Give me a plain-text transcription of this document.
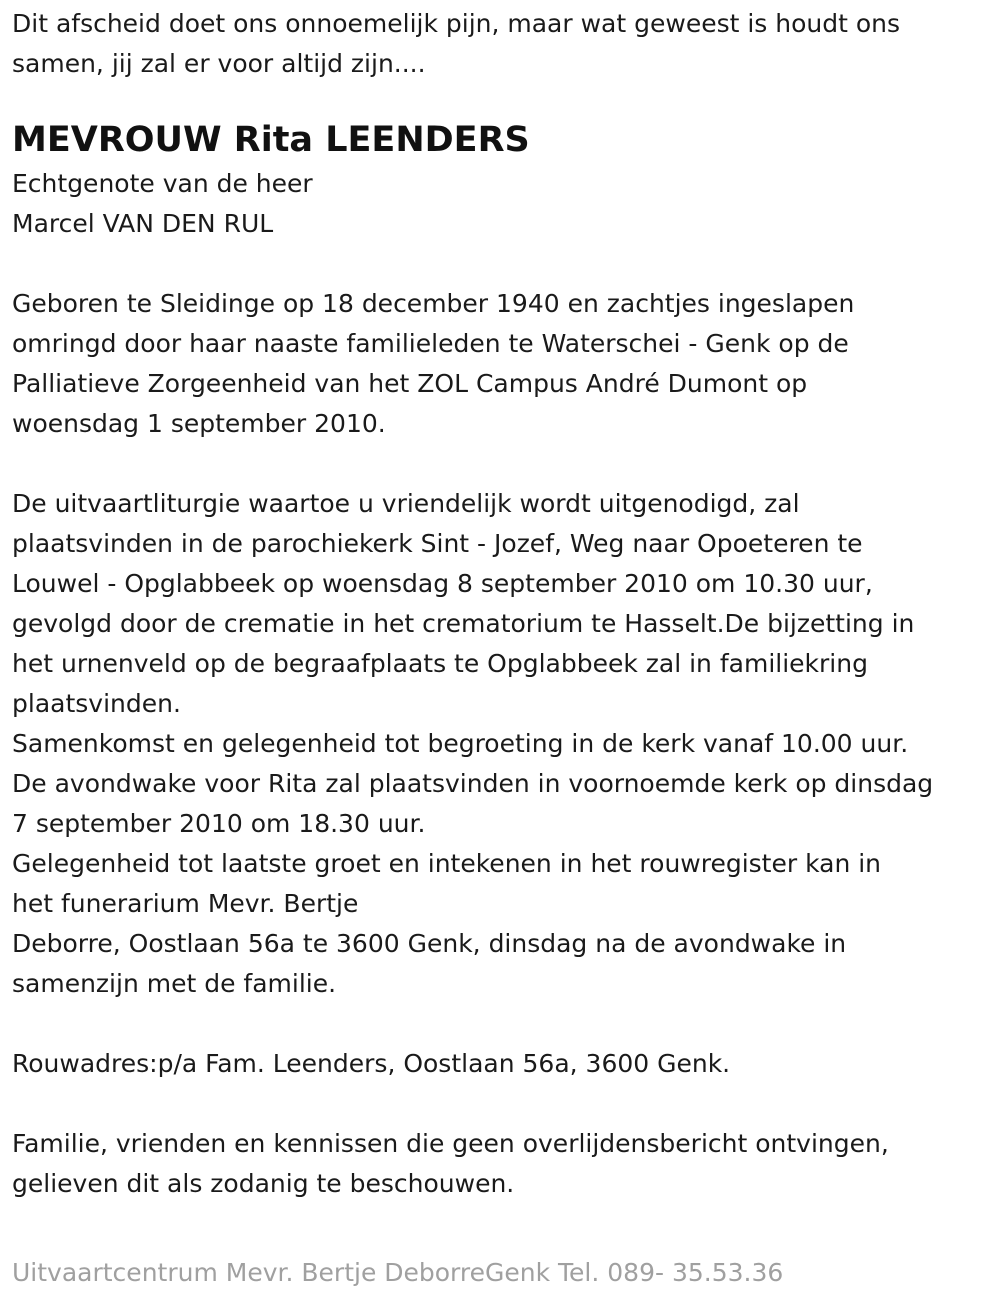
Dit afscheid doet ons onnoemelijk pijn, maar wat geweest is houdt ons

samen, jij zal er voor altijd zijn....

MEVROUW Rita LEENDERS

Echtgenote van de heer

Marcel VAN DEN RUL

Geboren te Sleidinge op 18 december 1940 en zachtjes ingeslapen

omringd door haar naaste familieleden te Waterschei - Genk op de

Palliatieve Zorgeenheid van het ZOL Campus André Dumont op

woensdag 1 september 2010.

De uitvaartliturgie waartoe u vriendelijk wordt uitgenodigd, zal

plaatsvinden in de parochiekerk Sint - Jozef, Weg naar Opoeteren te

Louwel - Opglabbeek op woensdag 8 september 2010 om 10.30 uur,

gevolgd door de crematie in het crematorium te Hasselt.De bijzetting in

het urnenveld op de begraafplaats te Opglabbeek zal in familiekring

plaatsvinden.

Samenkomst en gelegenheid tot begroeting in de kerk vanaf 10.00 uur.

De avondwake voor Rita zal plaatsvinden in voornoemde kerk op dinsdag

7 september 2010 om 18.30 uur.

Gelegenheid tot laatste groet en intekenen in het rouwregister kan in

het funerarium Mevr. Bertje

Deborre, Oostlaan 56a te 3600 Genk, dinsdag na de avondwake in

samenzijn met de familie.

Rouwadres:p/a Fam. Leenders, Oostlaan 56a, 3600 Genk.

Familie, vrienden en kennissen die geen overlijdensbericht ontvingen,

gelieven dit als zodanig te beschouwen.

Uitvaartcentrum Mevr. Bertje DeborreGenk Tel. 089- 35.53.36
